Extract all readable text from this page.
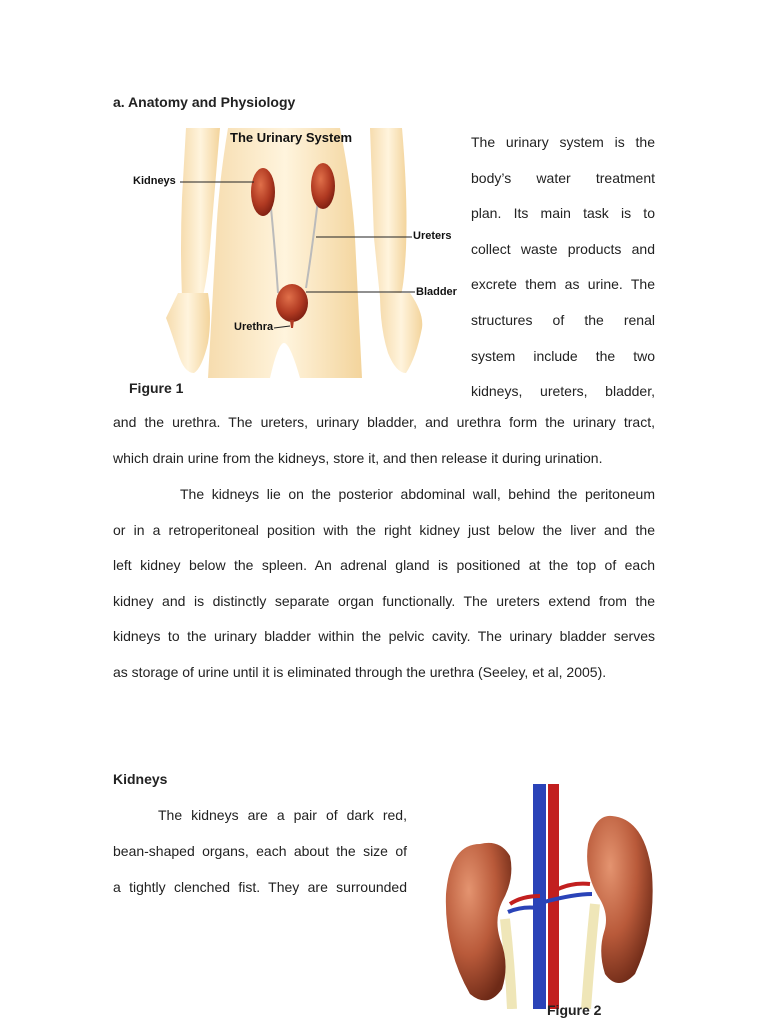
a. Anatomy and Physiology
The Urinary System
Kidneys
Ureters
Bladder
Urethra
Figure 1
The urinary system is the
body’s water treatment
plan. Its main task is to
collect waste products and
excrete them as urine. The
structures of the renal
system include the two
kidneys, ureters, bladder,
and the urethra. The ureters, urinary bladder, and urethra form the urinary tract,
which drain urine from the kidneys, store it, and then release it during urination.
The kidneys lie on the posterior abdominal wall, behind the peritoneum
or in a retroperitoneal position with the right kidney just below the liver and the
left kidney below the spleen. An adrenal gland is positioned at the top of each
kidney and is distinctly separate organ functionally. The ureters extend from the
kidneys to the urinary bladder within the pelvic cavity. The urinary bladder serves
as storage of urine until it is eliminated through the urethra (Seeley, et al, 2005).
Kidneys
The kidneys are a pair of dark red,
bean-shaped organs, each about the size of
a tightly clenched fist. They are surrounded
Figure 2
